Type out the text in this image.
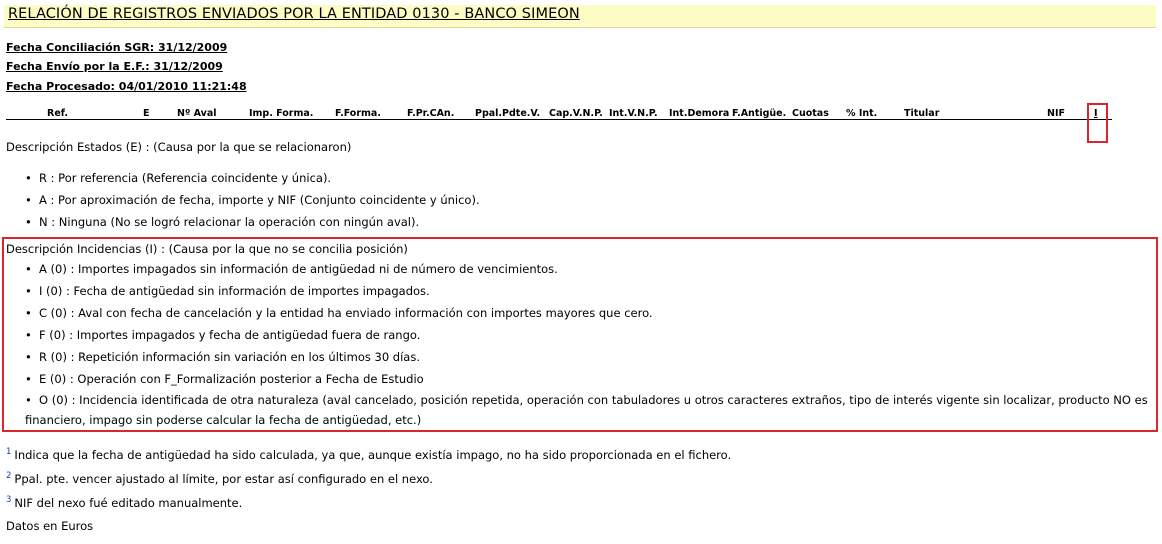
RELACIÓN DE REGISTROS ENVIADOS POR LA ENTIDAD 0130 - BANCO SIMEON
Fecha Conciliación SGR: 31/12/2009
Fecha Envío por la E.F.: 31/12/2009
Fecha Procesado: 04/01/2010 11:21:48
Ref.	E	Nº Aval	Imp. Forma. F.Forma.	F.Pr.CAn. Ppal.Pdte.V. Cap.V.N.P. Int.V.N.P. Int.Demora F.Antigüe. Cuotas % Int.	Titular	NIF	I
Descripción Estados (E) : (Causa por la que se relacionaron)
• R : Por referencia (Referencia coincidente y única).
• A : Por aproximación de fecha, importe y NIF (Conjunto coincidente y único).
• N : Ninguna (No se logró relacionar la operación con ningún aval).
Descripción Incidencias (I) : (Causa por la que no se concilia posición)
• A (0) : Importes impagados sin información de antigüedad ni de número de vencimientos.
• I (0) : Fecha de antigüedad sin información de importes impagados.
• C (0) : Aval con fecha de cancelación y la entidad ha enviado información con importes mayores que cero.
• F (0) : Importes impagados y fecha de antigüedad fuera de rango.
• R (0) : Repetición información sin variación en los últimos 30 días.
• E (0) : Operación con F_Formalización posterior a Fecha de Estudio
• O (0) : Incidencia identificada de otra naturaleza (aval cancelado, posición repetida, operación con tabuladores u otros caracteres extraños, tipo de interés vigente sin localizar, producto NO es financiero, impago sin poderse calcular la fecha de antigüedad, etc.)
$^1$ Indica que la fecha de antigüedad ha sido calculada, ya que, aunque existía impago, no ha sido proporcionada en el fichero.
$^2$ Ppal. pte. vencer ajustado al límite, por estar así configurado en el nexo.
$^3$ NIF del nexo fué editado manualmente.
Datos en Euros
